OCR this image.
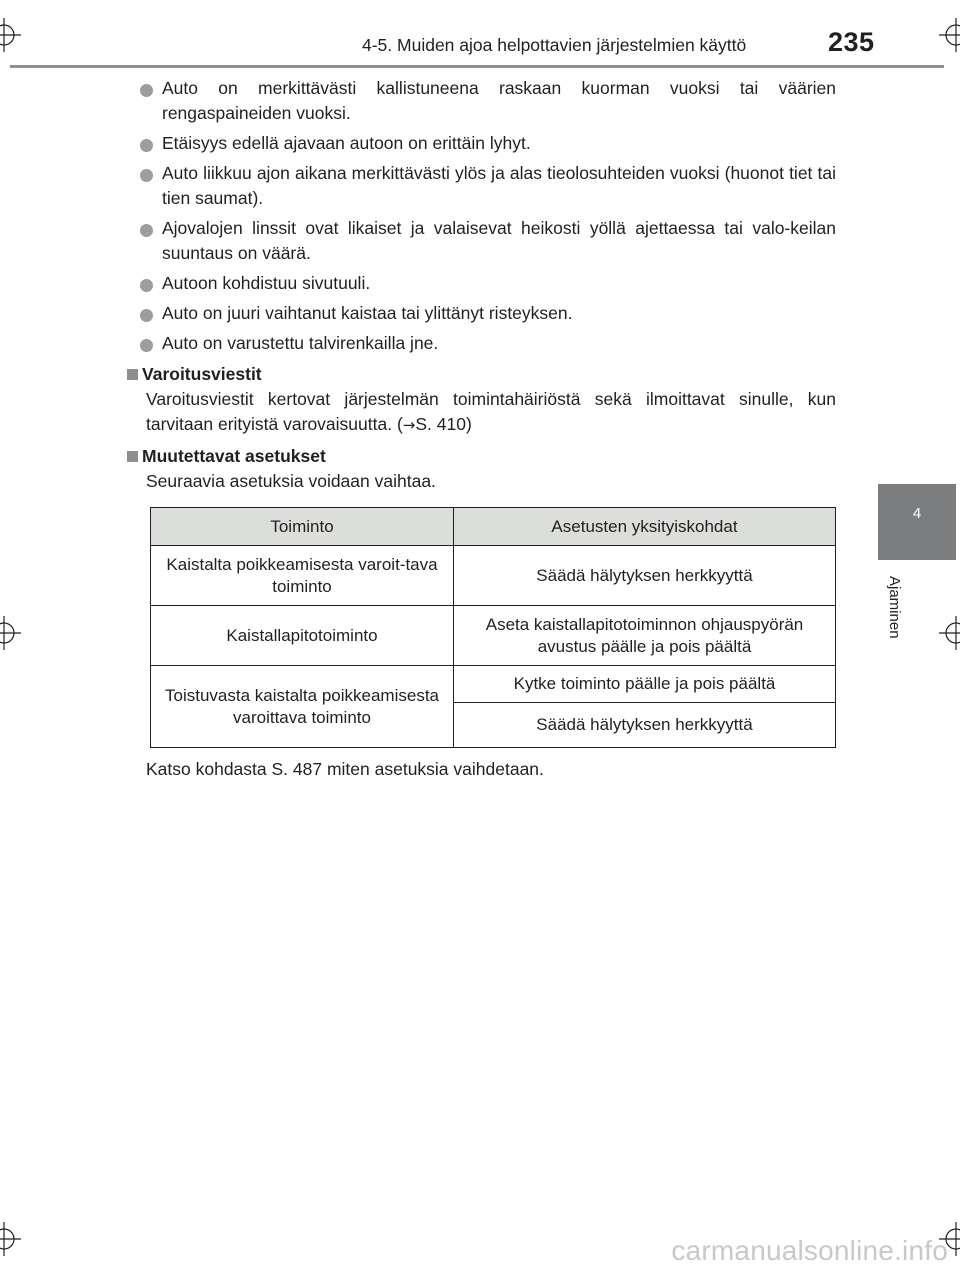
4-5. Muiden ajoa helpottavien järjestelmien käyttö	235
4
Ajaminen
Auto on merkittävästi kallistuneena raskaan kuorman vuoksi tai väärien rengaspaineiden vuoksi.
Etäisyys edellä ajavaan autoon on erittäin lyhyt.
Auto liikkuu ajon aikana merkittävästi ylös ja alas tieolosuhteiden vuoksi (huonot tiet tai tien saumat).
Ajovalojen linssit ovat likaiset ja valaisevat heikosti yöllä ajettaessa tai valo-keilan suuntaus on väärä.
Autoon kohdistuu sivutuuli.
Auto on juuri vaihtanut kaistaa tai ylittänyt risteyksen.
Auto on varustettu talvirenkailla jne.
Varoitusviestit
Varoitusviestit kertovat järjestelmän toimintahäiriöstä sekä ilmoittavat sinulle, kun tarvitaan erityistä varovaisuutta. (→S. 410)
Muutettavat asetukset
Seuraavia asetuksia voidaan vaihtaa.
Toiminto	Asetusten yksityiskohdat
Kaistalta poikkeamisesta varoit-tava toiminto	Säädä hälytyksen herkkyyttä
Kaistallapitotoiminto	Aseta kaistallapitotoiminnon ohjauspyörän avustus päälle ja pois päältä
Toistuvasta kaistalta poikkeamisesta varoittava toiminto	Kytke toiminto päälle ja pois päältä
	Säädä hälytyksen herkkyyttä
Katso kohdasta S. 487 miten asetuksia vaihdetaan.
carmanualsonline.info
